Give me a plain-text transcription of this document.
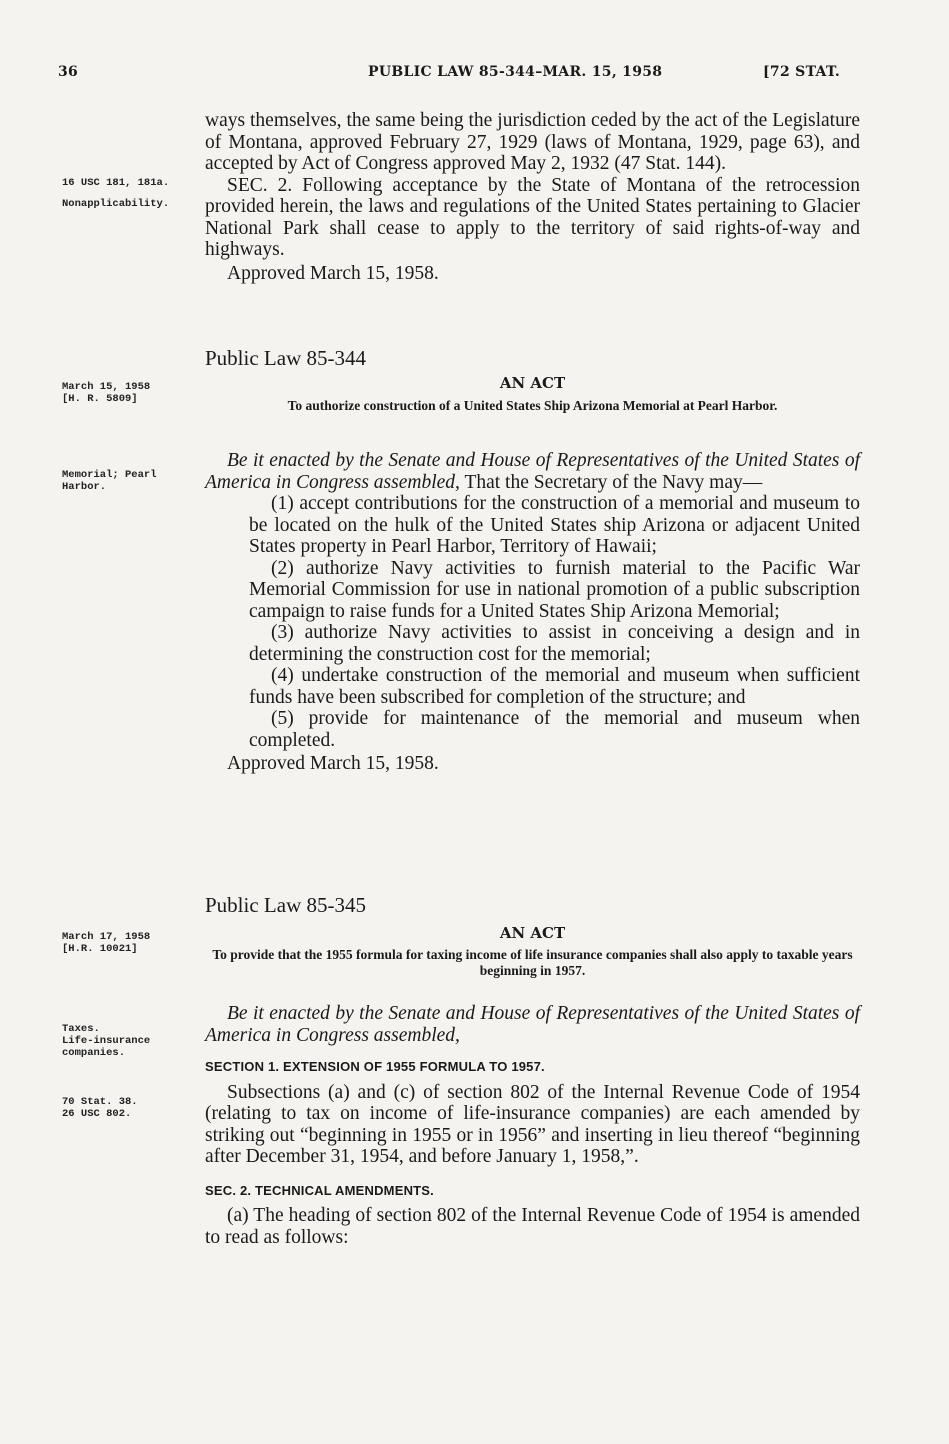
36	PUBLIC LAW 85-344–MAR. 15, 1958	[72 STAT.

ways themselves, the same being the jurisdiction ceded by the act of the Legislature of Montana, approved February 27, 1929 (laws of Montana, 1929, page 63), and accepted by Act of Congress approved May 2, 1932 (47 Stat. 144).

SEC. 2. Following acceptance by the State of Montana of the retrocession provided herein, the laws and regulations of the United States pertaining to Glacier National Park shall cease to apply to the territory of said rights-of-way and highways.

Approved March 15, 1958.

16 USC 181, 181a.
Nonapplicability.
Public Law 85-344
AN ACT
March 15, 1958
[H. R. 5809]	To authorize construction of a United States Ship Arizona Memorial at Pearl Harbor.
Memorial; Pearl Harbor.

Be it enacted by the Senate and House of Representatives of the United States of America in Congress assembled, That the Secretary of the Navy may—

(1) accept contributions for the construction of a memorial and museum to be located on the hulk of the United States ship Arizona or adjacent United States property in Pearl Harbor, Territory of Hawaii;

(2) authorize Navy activities to furnish material to the Pacific War Memorial Commission for use in national promotion of a public subscription campaign to raise funds for a United States Ship Arizona Memorial;

(3) authorize Navy activities to assist in conceiving a design and in determining the construction cost for the memorial;

(4) undertake construction of the memorial and museum when sufficient funds have been subscribed for completion of the structure; and

(5) provide for maintenance of the memorial and museum when completed.

Approved March 15, 1958.

Public Law 85-345
AN ACT
March 17, 1958
[H.R. 10021]	To provide that the 1955 formula for taxing income of life insurance companies shall also apply to taxable years beginning in 1957.
Taxes.
Life-insurance companies.
70 Stat. 38.
26 USC 802.

Be it enacted by the Senate and House of Representatives of the United States of America in Congress assembled,

SECTION 1. EXTENSION OF 1955 FORMULA TO 1957.

Subsections (a) and (c) of section 802 of the Internal Revenue Code of 1954 (relating to tax on income of life-insurance companies) are each amended by striking out “beginning in 1955 or in 1956” and inserting in lieu thereof “beginning after December 31, 1954, and before January 1, 1958,”.

SEC. 2. TECHNICAL AMENDMENTS.

(a) The heading of section 802 of the Internal Revenue Code of 1954 is amended to read as follows:
